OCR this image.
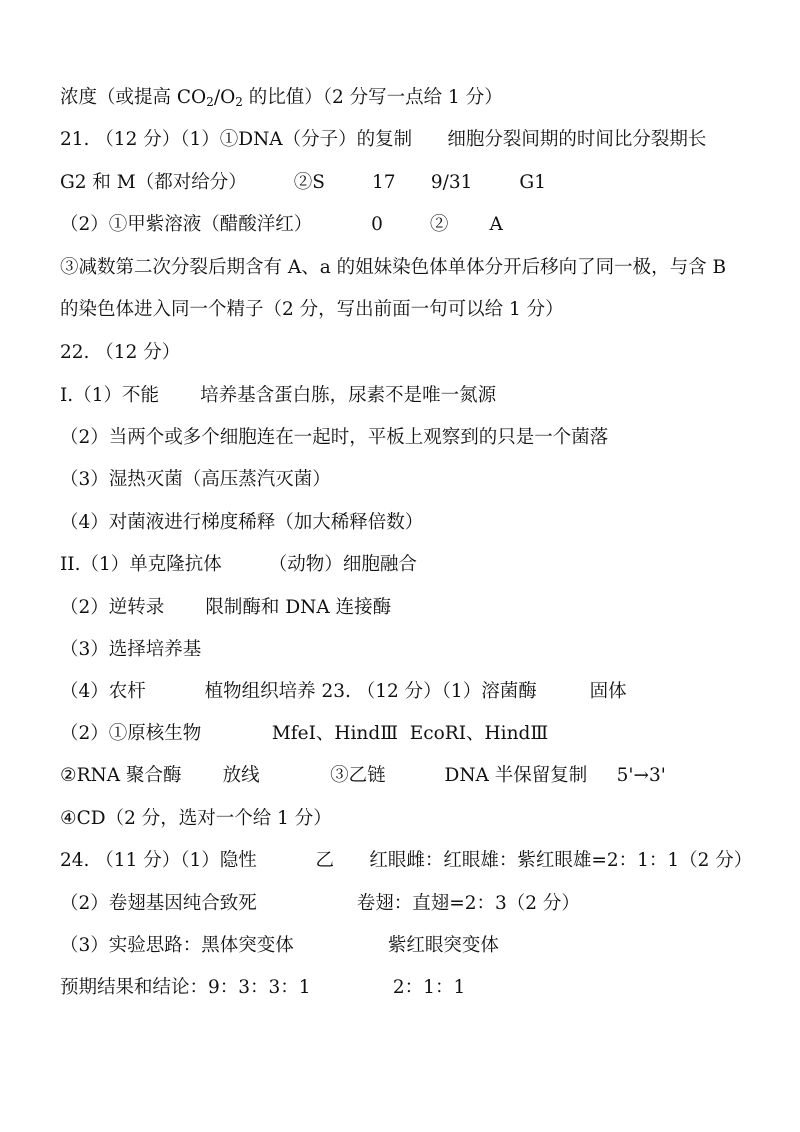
浓度（或提高 $CO_2/O_2$ 的比值）（2 分写一点给 1 分）
21. （12 分）（1）①DNA（分子）的复制      细胞分裂间期的时间比分裂期长
G2 和 M（都对给分）        ②S        17      9/31        G1
（2）①甲紫溶液（醋酸洋红）          0        ②       A
③减数第二次分裂后期含有 A、a 的姐妹染色体单体分开后移向了同一极，与含 B
的染色体进入同一个精子（2 分，写出前面一句可以给 1 分）
22. （12 分）
I.（1）不能       培养基含蛋白胨，尿素不是唯一氮源
（2）当两个或多个细胞连在一起时，平板上观察到的只是一个菌落
（3）湿热灭菌（高压蒸汽灭菌）
（4）对菌液进行梯度稀释（加大稀释倍数）
II.（1）单克隆抗体        （动物）细胞融合
（2）逆转录       限制酶和 DNA 连接酶
（3）选择培养基
（4）农杆          植物组织培养 23. （12 分）（1）溶菌酶         固体
（2）①原核生物            MfeⅠ、HindⅢ  EcoRⅠ、HindⅢ
②RNA 聚合酶       放线            ③乙链          DNA 半保留复制     5'→3'
④CD（2 分，选对一个给 1 分）
24. （11 分）（1）隐性          乙      红眼雌：红眼雄：紫红眼雄=2：1：1（2 分）
（2）卷翅基因纯合致死                 卷翅：直翅=2：3（2 分）
（3）实验思路：黑体突变体                紫红眼突变体
预期结果和结论：9：3：3：1              2：1：1
